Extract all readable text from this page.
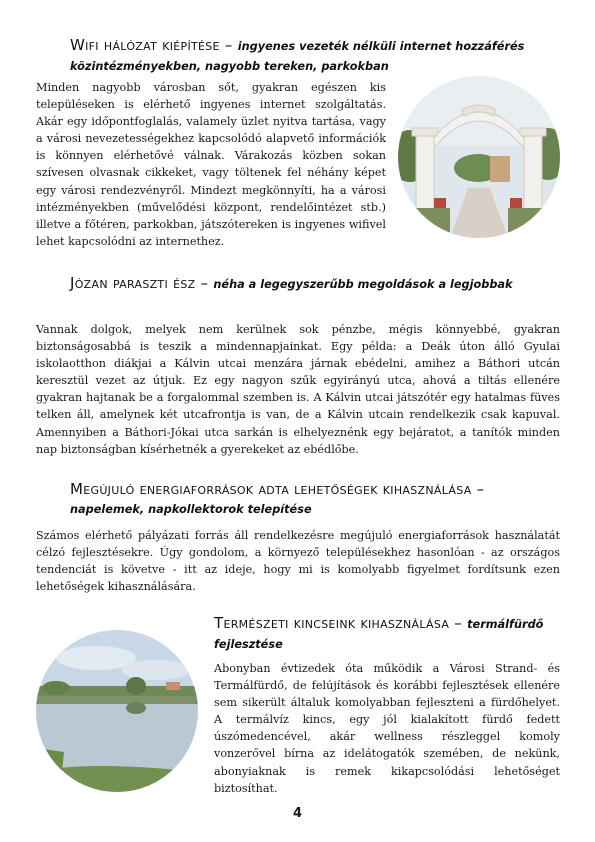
Wifi hálózat kiépítése – ingyenes vezeték nélküli internet hozzáférés közintézményekben, nagyobb tereken, parkokban

Minden nagyobb városban sőt, gyakran egészen kis településeken is elérhető ingyenes internet szolgáltatás. Akár egy időpontfoglalás, valamely üzlet nyitva tartása, vagy a városi nevezetességekhez kapcsolódó alapvető információk is könnyen elérhetővé válnak. Várakozás közben sokan szívesen olvasnak cikkeket, vagy töltenek fel néhány képet egy városi rendezvényről. Mindezt megkönnyíti, ha a városi intézményekben (művelődési központ, rendelőintézet stb.) illetve a főtéren, parkokban, játszótereken is ingyenes wifivel lehet kapcsolódni az internethez.

Józan paraszti ész – néha a legegyszerűbb megoldások a legjobbak

Vannak dolgok, melyek nem kerülnek sok pénzbe, mégis könnyebbé, gyakran biztonságosabbá is teszik a mindennapjainkat. Egy példa: a Deák úton álló Gyulai iskolaotthon diákjai a Kálvin utcai menzára járnak ebédelni, amihez a Báthori utcán keresztül vezet az útjuk. Ez egy nagyon szűk egyirányú utca, ahová a tiltás ellenére gyakran hajtanak be a forgalommal szemben is. A Kálvin utcai játszótér egy hatalmas füves telken áll, amelynek két utcafrontja is van, de a Kálvin utcain rendelkezik csak kapuval. Amennyiben a Báthori-Jókai utca sarkán is elhelyeznénk egy bejáratot, a tanítók minden nap biztonságban kísérhetnék a gyerekeket az ebédlőbe.

Megújuló energiaforrások adta lehetőségek kihasználása – napelemek, napkollektorok telepítése

Számos elérhető pályázati forrás áll rendelkezésre megújuló energiaforrások használatát célzó fejlesztésekre. Úgy gondolom, a környező településekhez hasonlóan - az országos tendenciát is követve - itt az ideje, hogy mi is komolyabb figyelmet fordítsunk ezen lehetőségek kihasználására.

Természeti kincseink kihasználása – termálfürdő fejlesztése

Abonyban évtizedek óta működik a Városi Strand- és Termálfürdő, de felújítások és korábbi fejlesztések ellenére sem sikerült általuk komolyabban fejleszteni a fürdőhelyet. A termálvíz kincs, egy jól kialakított fürdő fedett úszómedencével, akár wellness részleggel komoly vonzerővel bírna az idelátogatók szemében, de nekünk, abonyiaknak is remek kikapcsolódási lehetőséget biztosíthat.

4
